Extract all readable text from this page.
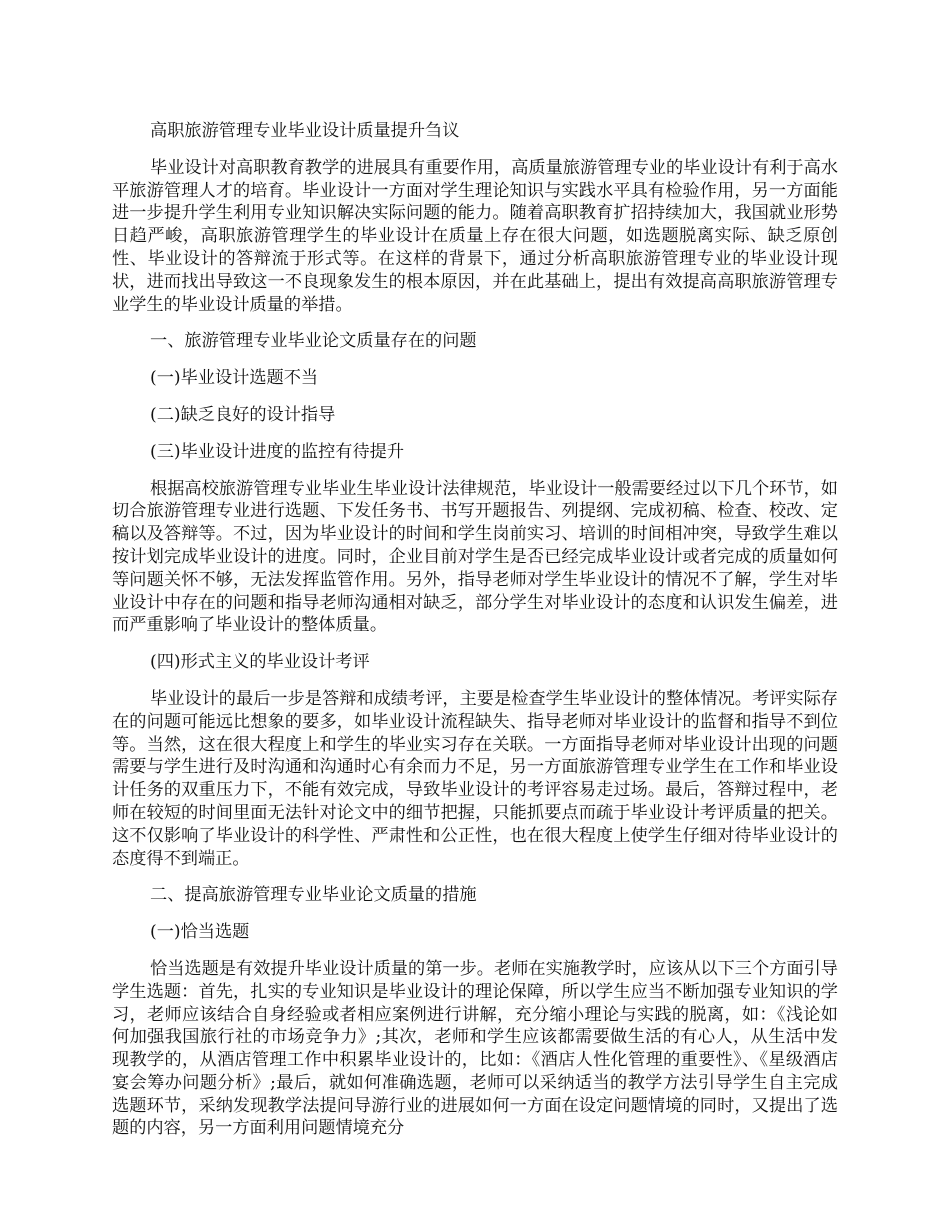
高职旅游管理专业毕业设计质量提升刍议

毕业设计对高职教育教学的进展具有重要作用，高质量旅游管理专业的毕业设计有利于高水平旅游管理人才的培育。毕业设计一方面对学生理论知识与实践水平具有检验作用，另一方面能进一步提升学生利用专业知识解决实际问题的能力。随着高职教育扩招持续加大，我国就业形势日趋严峻，高职旅游管理学生的毕业设计在质量上存在很大问题，如选题脱离实际、缺乏原创性、毕业设计的答辩流于形式等。在这样的背景下，通过分析高职旅游管理专业的毕业设计现状，进而找出导致这一不良现象发生的根本原因，并在此基础上，提出有效提高高职旅游管理专业学生的毕业设计质量的举措。

一、旅游管理专业毕业论文质量存在的问题

(一)毕业设计选题不当

(二)缺乏良好的设计指导

(三)毕业设计进度的监控有待提升

根据高校旅游管理专业毕业生毕业设计法律规范，毕业设计一般需要经过以下几个环节，如切合旅游管理专业进行选题、下发任务书、书写开题报告、列提纲、完成初稿、检查、校改、定稿以及答辩等。不过，因为毕业设计的时间和学生岗前实习、培训的时间相冲突，导致学生难以按计划完成毕业设计的进度。同时，企业目前对学生是否已经完成毕业设计或者完成的质量如何等问题关怀不够，无法发挥监管作用。另外，指导老师对学生毕业设计的情况不了解，学生对毕业设计中存在的问题和指导老师沟通相对缺乏，部分学生对毕业设计的态度和认识发生偏差，进而严重影响了毕业设计的整体质量。

(四)形式主义的毕业设计考评

毕业设计的最后一步是答辩和成绩考评，主要是检查学生毕业设计的整体情况。考评实际存在的问题可能远比想象的要多，如毕业设计流程缺失、指导老师对毕业设计的监督和指导不到位等。当然，这在很大程度上和学生的毕业实习存在关联。一方面指导老师对毕业设计出现的问题需要与学生进行及时沟通和沟通时心有余而力不足，另一方面旅游管理专业学生在工作和毕业设计任务的双重压力下，不能有效完成，导致毕业设计的考评容易走过场。最后，答辩过程中，老师在较短的时间里面无法针对论文中的细节把握，只能抓要点而疏于毕业设计考评质量的把关。这不仅影响了毕业设计的科学性、严肃性和公正性，也在很大程度上使学生仔细对待毕业设计的态度得不到端正。

二、提高旅游管理专业毕业论文质量的措施

(一)恰当选题

恰当选题是有效提升毕业设计质量的第一步。老师在实施教学时，应该从以下三个方面引导学生选题：首先，扎实的专业知识是毕业设计的理论保障，所以学生应当不断加强专业知识的学习，老师应该结合自身经验或者相应案例进行讲解，充分缩小理论与实践的脱离，如：《浅论如何加强我国旅行社的市场竞争力》;其次，老师和学生应该都需要做生活的有心人，从生活中发现教学的，从酒店管理工作中积累毕业设计的，比如：《酒店人性化管理的重要性》、《星级酒店宴会筹办问题分析》;最后，就如何准确选题，老师可以采纳适当的教学方法引导学生自主完成选题环节，采纳发现教学法提问导游行业的进展如何一方面在设定问题情境的同时，又提出了选题的内容，另一方面利用问题情境充分
